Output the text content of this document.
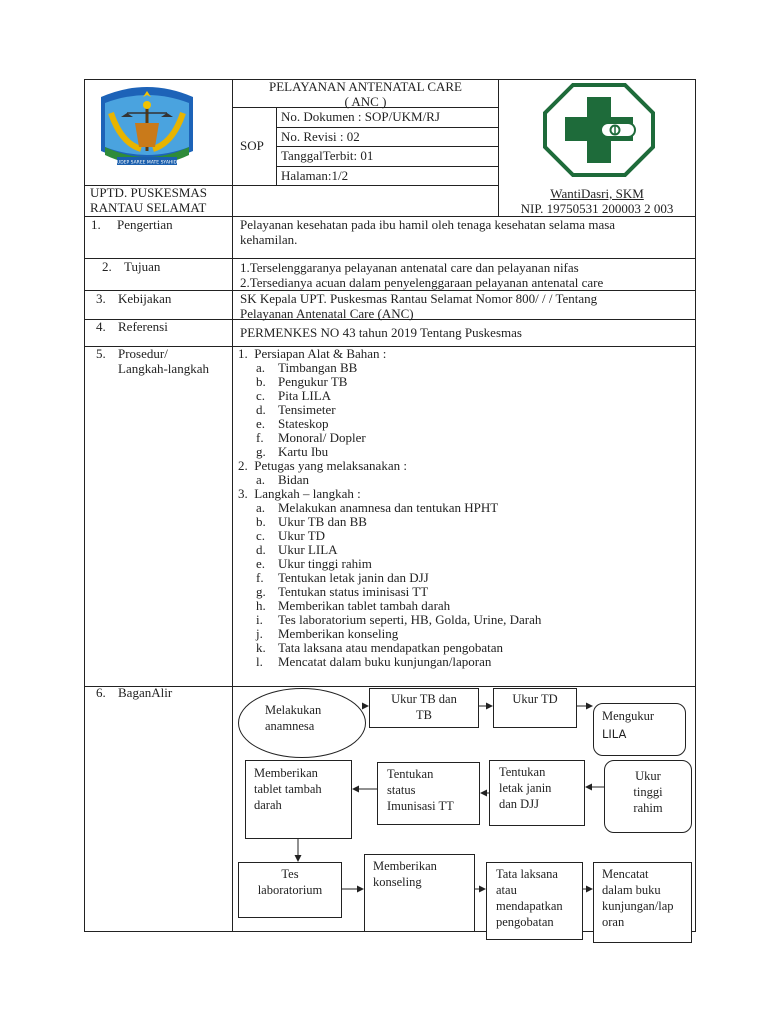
UDEP SAREE MATE SYAHID
PELAYANAN ANTENATAL CARE
( ANC )
SOP
No. Dokumen : SOP/UKM/RJ
No. Revisi : 02
TanggalTerbit: 01
Halaman:1/2
UPTD. PUSKESMAS
RANTAU SELAMAT
WantiDasri, SKM
NIP. 19750531 200003 2 003
1. Pengertian	Pelayanan kesehatan pada ibu hamil oleh tenaga kesehatan selama masa
kehamilan.
2. Tujuan	1.Terselenggaranya pelayanan antenatal care dan pelayanan nifas
2.Tersedianya acuan dalam penyelenggaraan pelayanan antenatal care
3. Kebijakan	SK Kepala UPT. Puskesmas Rantau Selamat Nomor 800/ / / Tentang
Pelayanan Antenatal Care (ANC)
4. Referensi	PERMENKES NO 43 tahun 2019 Tentang Puskesmas
5. Prosedur/
Langkah-langkah
1. Persiapan Alat & Bahan :
a. Timbangan BB
b. Pengukur TB
c. Pita LILA
d. Tensimeter
e. Stateskop
f. Monoral/ Dopler
g. Kartu Ibu
2. Petugas yang melaksanakan :
a. Bidan
3. Langkah – langkah :
a. Melakukan anamnesa dan tentukan HPHT
b. Ukur TB dan BB
c. Ukur TD
d. Ukur LILA
e. Ukur tinggi rahim
f. Tentukan letak janin dan DJJ
g. Tentukan status iminisasi TT
h. Memberikan tablet tambah darah
i. Tes laboratorium seperti, HB, Golda, Urine, Darah
j. Memberikan konseling
k. Tata laksana atau mendapatkan pengobatan
l. Mencatat dalam buku kunjungan/laporan
6. BaganAlir
Melakukan
anamnesa
Ukur TB dan
TB
Ukur TD
Mengukur
LILA
Memberikan
tablet tambah
darah
Tentukan
status
Imunisasi TT
Tentukan
letak janin
dan DJJ
Ukur
tinggi
rahim
Tes
laboratorium
Memberikan
konseling
Tata laksana
atau
mendapatkan
pengobatan
Mencatat
dalam buku
kunjungan/lap
oran
